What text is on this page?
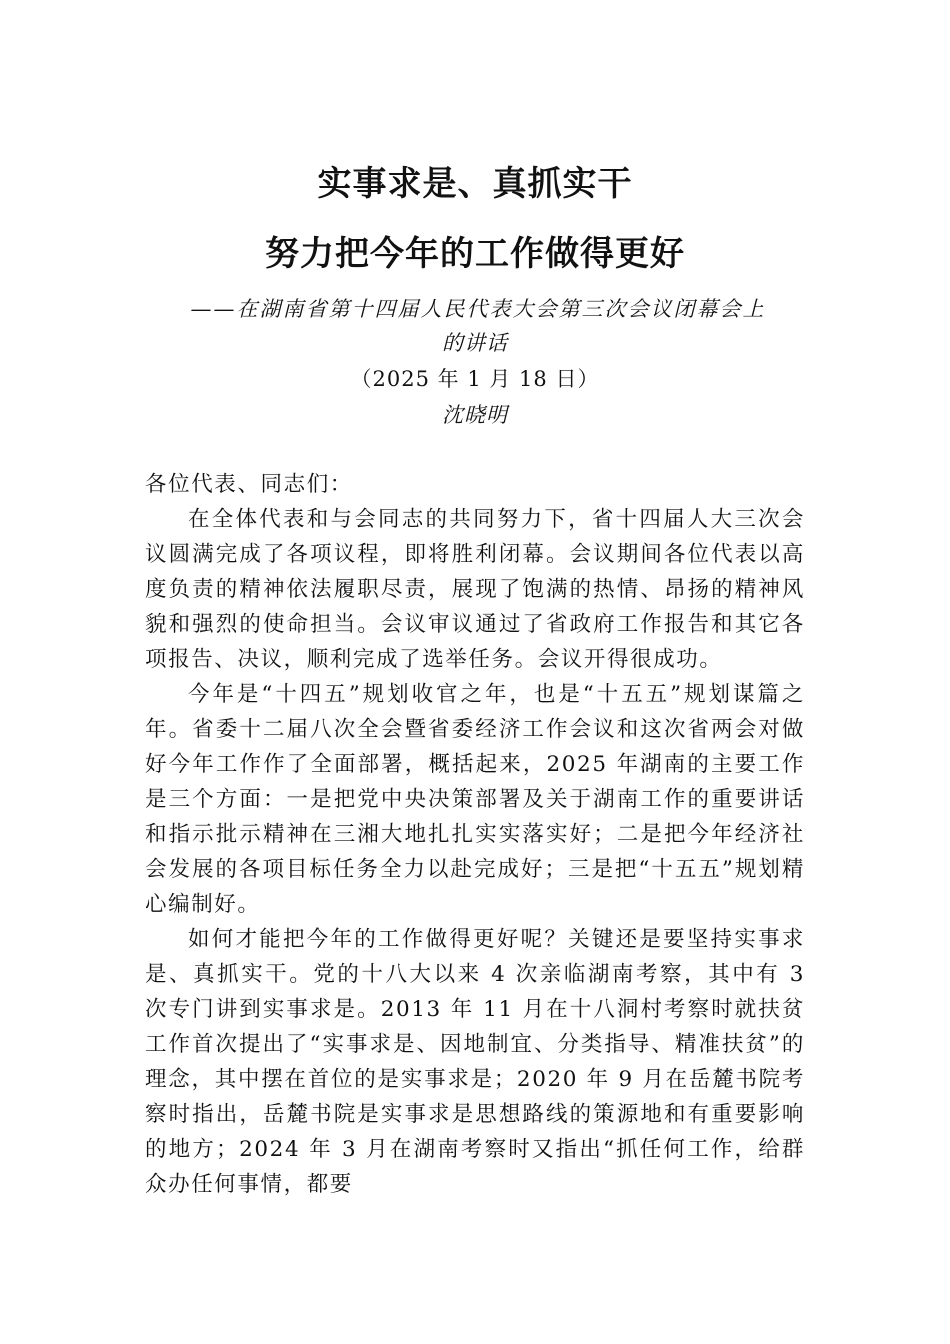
实事求是、真抓实干
努力把今年的工作做得更好
——在湖南省第十四届人民代表大会第三次会议闭幕会上
的讲话
（2025 年 1 月 18 日）
沈晓明

各位代表、同志们：

在全体代表和与会同志的共同努力下，省十四届人大三次会议圆满完成了各项议程，即将胜利闭幕。会议期间各位代表以高度负责的精神依法履职尽责，展现了饱满的热情、昂扬的精神风貌和强烈的使命担当。会议审议通过了省政府工作报告和其它各项报告、决议，顺利完成了选举任务。会议开得很成功。

今年是“十四五”规划收官之年，也是“十五五”规划谋篇之年。省委十二届八次全会暨省委经济工作会议和这次省两会对做好今年工作作了全面部署，概括起来，2025 年湖南的主要工作是三个方面：一是把党中央决策部署及关于湖南工作的重要讲话和指示批示精神在三湘大地扎扎实实落实好；二是把今年经济社会发展的各项目标任务全力以赴完成好；三是把“十五五”规划精心编制好。

如何才能把今年的工作做得更好呢？关键还是要坚持实事求是、真抓实干。党的十八大以来 4 次亲临湖南考察，其中有 3 次专门讲到实事求是。2013 年 11 月在十八洞村考察时就扶贫工作首次提出了“实事求是、因地制宜、分类指导、精准扶贫”的理念，其中摆在首位的是实事求是；2020 年 9 月在岳麓书院考察时指出，岳麓书院是实事求是思想路线的策源地和有重要影响的地方；2024 年 3 月在湖南考察时又指出“抓任何工作，给群众办任何事情，都要
